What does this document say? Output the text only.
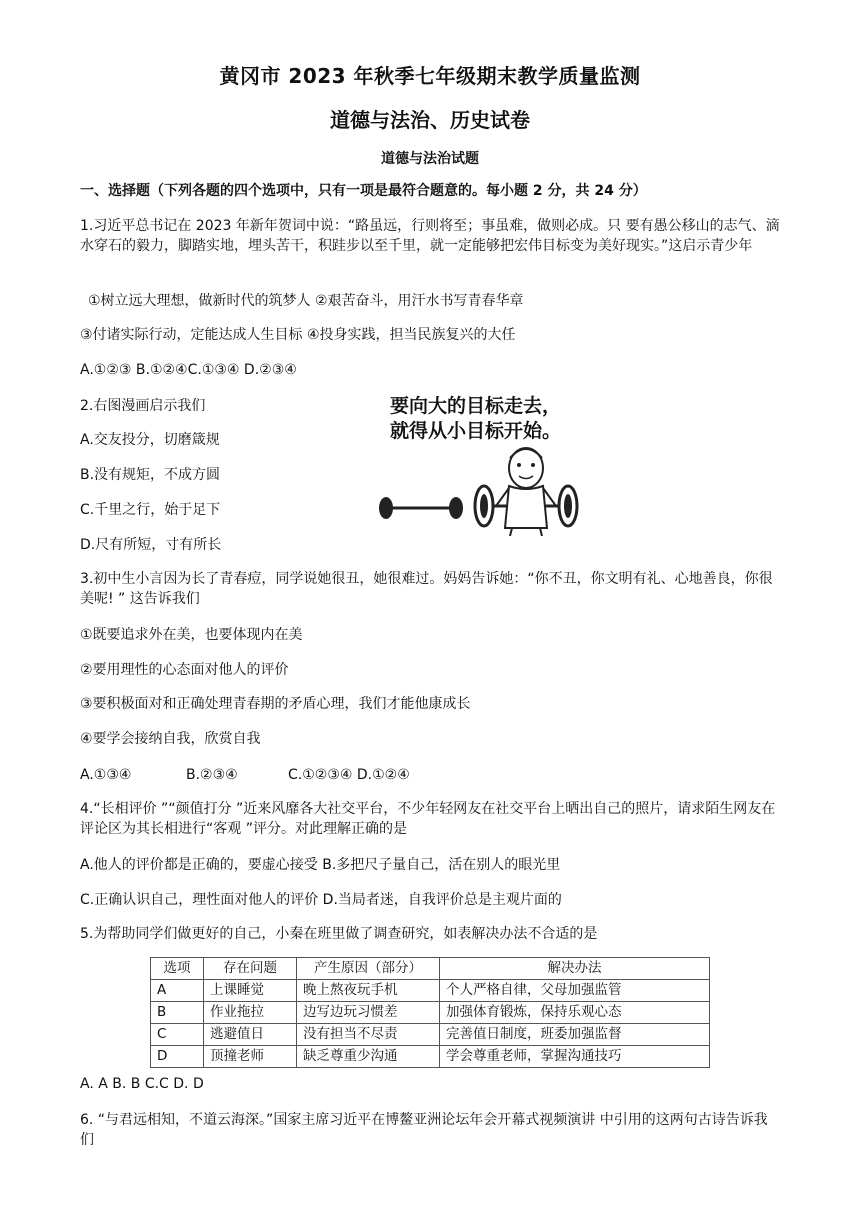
黄冈市 2023 年秋季七年级期末教学质量监测
道德与法治、历史试卷
道德与法治试题
一、选择题（下列各题的四个选项中，只有一项是最符合题意的。每小题 2 分，共 24 分）
1.习近平总书记在 2023 年新年贺词中说：“路虽远，行则将至；事虽难，做则必成。只 要有愚公移山的志气、滴水穿石的毅力，脚踏实地，埋头苦干，积跬步以至千里，就一定能够把宏伟目标变为美好现实。”这启示青少年
①树立远大理想，做新时代的筑梦人 ②艰苦奋斗，用汗水书写青春华章
③付诸实际行动，定能达成人生目标 ④投身实践，担当民族复兴的大任
A.①②③ B.①②④C.①③④ D.②③④
2.右图漫画启示我们
A.交友投分，切磨箴规
B.没有规矩，不成方圆
C.千里之行，始于足下
D.尺有所短，寸有所长
要向大的目标走去，
就得从小目标开始。
3.初中生小言因为长了青春痘，同学说她很丑，她很难过。妈妈告诉她：“你不丑，你文明有礼、心地善良，你很美呢! ” 这告诉我们
①既要追求外在美，也要体现内在美
②要用理性的心态面对他人的评价
③要积极面对和正确处理青春期的矛盾心理，我们才能他康成长
④要学会接纳自我，欣赏自我
A.①③④	B.②③④	C.①②③④ D.①②④
4.“长相评价 ”“颜值打分 ”近来风靡各大社交平台，不少年轻网友在社交平台上晒出自己的照片，请求陌生网友在评论区为其长相进行“客观 ”评分。对此理解正确的是
A.他人的评价都是正确的，要虚心接受 B.多把尺子量自己，活在别人的眼光里
C.正确认识自己，理性面对他人的评价 D.当局者迷，自我评价总是主观片面的
5.为帮助同学们做更好的自己，小秦在班里做了调查研究，如表解决办法不合适的是
选项	存在问题	产生原因（部分）	解决办法
A	上课睡觉	晚上熬夜玩手机	个人严格自律，父母加强监管
B	作业拖拉	边写边玩习惯差	加强体育锻炼，保持乐观心态
C	逃避值日	没有担当不尽责	完善值日制度，班委加强监督
D	顶撞老师	缺乏尊重少沟通	学会尊重老师，掌握沟通技巧
A. A B. B C.C D. D
6. “与君远相知，不道云海深。”国家主席习近平在博鳌亚洲论坛年会开幕式视频演讲 中引用的这两句古诗告诉我们
